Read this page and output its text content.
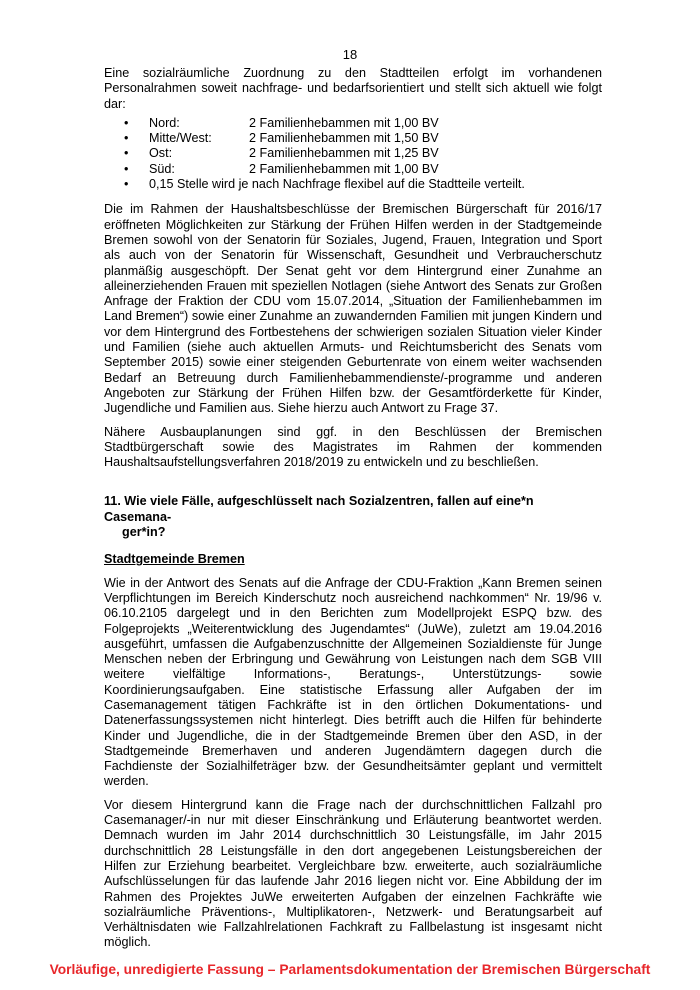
18

Eine sozialräumliche Zuordnung zu den Stadtteilen erfolgt im vorhandenen Personalrahmen soweit nachfrage- und bedarfsorientiert und stellt sich aktuell wie folgt dar:

• Nord:	2 Familienhebammen mit 1,00 BV
• Mitte/West:	2 Familienhebammen mit 1,50 BV
• Ost:	2 Familienhebammen mit 1,25 BV
• Süd:	2 Familienhebammen mit 1,00 BV
• 0,15 Stelle wird je nach Nachfrage flexibel auf die Stadtteile verteilt.

Die im Rahmen der Haushaltsbeschlüsse der Bremischen Bürgerschaft für 2016/17 eröffneten Möglichkeiten zur Stärkung der Frühen Hilfen werden in der Stadtgemeinde Bremen sowohl von der Senatorin für Soziales, Jugend, Frauen, Integration und Sport als auch von der Senatorin für Wissenschaft, Gesundheit und Verbraucherschutz planmäßig ausgeschöpft. Der Senat geht vor dem Hintergrund einer Zunahme an alleinerziehenden Frauen mit speziellen Notlagen (siehe Antwort des Senats zur Großen Anfrage der Fraktion der CDU vom 15.07.2014, „Situation der Familienhebammen im Land Bremen“) sowie einer Zunahme an zuwandernden Familien mit jungen Kindern und vor dem Hintergrund des Fortbestehens der schwierigen sozialen Situation vieler Kinder und Familien (siehe auch aktuellen Armuts- und Reichtumsbericht des Senats vom September 2015) sowie einer steigenden Geburtenrate von einem weiter wachsenden Bedarf an Betreuung durch Familienhebammendienste/-programme und anderen Angeboten zur Stärkung der Frühen Hilfen bzw. der Gesamtförderkette für Kinder, Jugendliche und Familien aus. Siehe hierzu auch Antwort zu Frage 37.

Nähere Ausbauplanungen sind ggf. in den Beschlüssen der Bremischen Stadtbürgerschaft sowie des Magistrates im Rahmen der kommenden Haushaltsaufstellungsverfahren 2018/2019 zu entwickeln und zu beschließen.

11. Wie viele Fälle, aufgeschlüsselt nach Sozialzentren, fallen auf eine*n Casemana-
ger*in?
Stadtgemeinde Bremen

Wie in der Antwort des Senats auf die Anfrage der CDU-Fraktion „Kann Bremen seinen Verpflichtungen im Bereich Kinderschutz noch ausreichend nachkommen“ Nr. 19/96 v. 06.10.2105 dargelegt und in den Berichten zum Modellprojekt ESPQ bzw. des Folgeprojekts „Weiterentwicklung des Jugendamtes“ (JuWe), zuletzt am 19.04.2016 ausgeführt, umfassen die Aufgabenzuschnitte der Allgemeinen Sozialdienste für Junge Menschen neben der Erbringung und Gewährung von Leistungen nach dem SGB VIII weitere vielfältige Informations-, Beratungs-, Unterstützungs- sowie Koordinierungsaufgaben. Eine statistische Erfassung aller Aufgaben der im Casemanagement tätigen Fachkräfte ist in den örtlichen Dokumentations- und Datenerfassungssystemen nicht hinterlegt. Dies betrifft auch die Hilfen für behinderte Kinder und Jugendliche, die in der Stadtgemeinde Bremen über den ASD, in der Stadtgemeinde Bremerhaven und anderen Jugendämtern dagegen durch die Fachdienste der Sozialhilfeträger bzw. der Gesundheitsämter geplant und vermittelt werden.

Vor diesem Hintergrund kann die Frage nach der durchschnittlichen Fallzahl pro Casemanager/-in nur mit dieser Einschränkung und Erläuterung beantwortet werden. Demnach wurden im Jahr 2014 durchschnittlich 30 Leistungsfälle, im Jahr 2015 durchschnittlich 28 Leistungsfälle in den dort angegebenen Leistungsbereichen der Hilfen zur Erziehung bearbeitet. Vergleichbare bzw. erweiterte, auch sozialräumliche Aufschlüsselungen für das laufende Jahr 2016 liegen nicht vor. Eine Abbildung der im Rahmen des Projektes JuWe erweiterten Aufgaben der einzelnen Fachkräfte wie sozialräumliche Präventions-, Multiplikatoren-, Netzwerk- und Beratungsarbeit auf Verhältnisdaten wie Fallzahlrelationen Fachkraft zu Fallbelastung ist insgesamt nicht möglich.

Vorläufige, unredigierte Fassung – Parlamentsdokumentation der Bremischen Bürgerschaft
